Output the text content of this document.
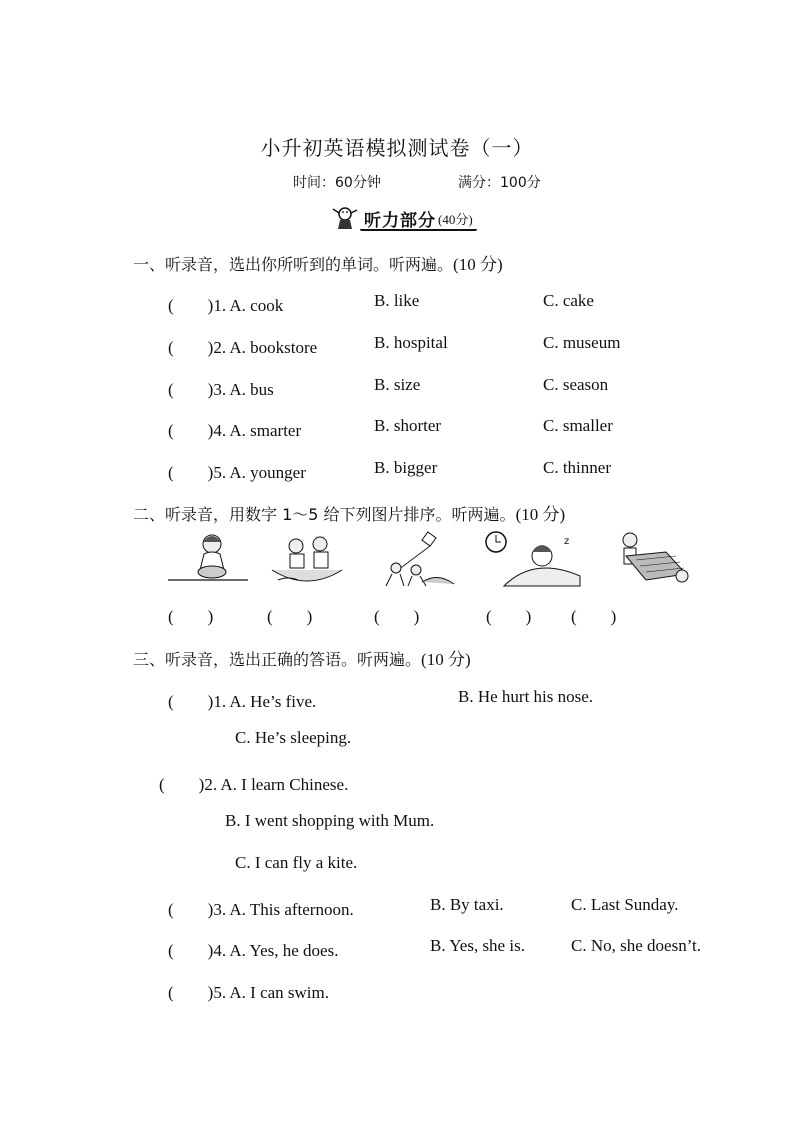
小升初英语模拟测试卷（一）
时间：60分钟	满分：100分
听力部分 (40分)
一、听录音，选出你所听到的单词。听两遍。(10 分)
(　　)1. A. cook	B. like	C. cake
(　　)2. A. bookstore	B. hospital	C. museum
(　　)3. A. bus	B. size	C. season
(　　)4. A. smarter	B. shorter	C. smaller
(　　)5. A. younger	B. bigger	C. thinner
二、听录音，用数字 1～5 给下列图片排序。听两遍。(10 分)
z
(　　)	(　　)	(　　)	(　　) (　　)
三、听录音，选出正确的答语。听两遍。(10 分)
(　　)1. A. He’s five.	B. He hurt his nose.
C. He’s sleeping.
(　　)2. A. I learn Chinese.
B. I went shopping with Mum.
C. I can fly a kite.
(　　)3. A. This afternoon.	B. By taxi.	C. Last Sunday.
(　　)4. A. Yes, he does.	B. Yes, she is.	C. No, she doesn’t.
(　　)5. A. I can swim.
